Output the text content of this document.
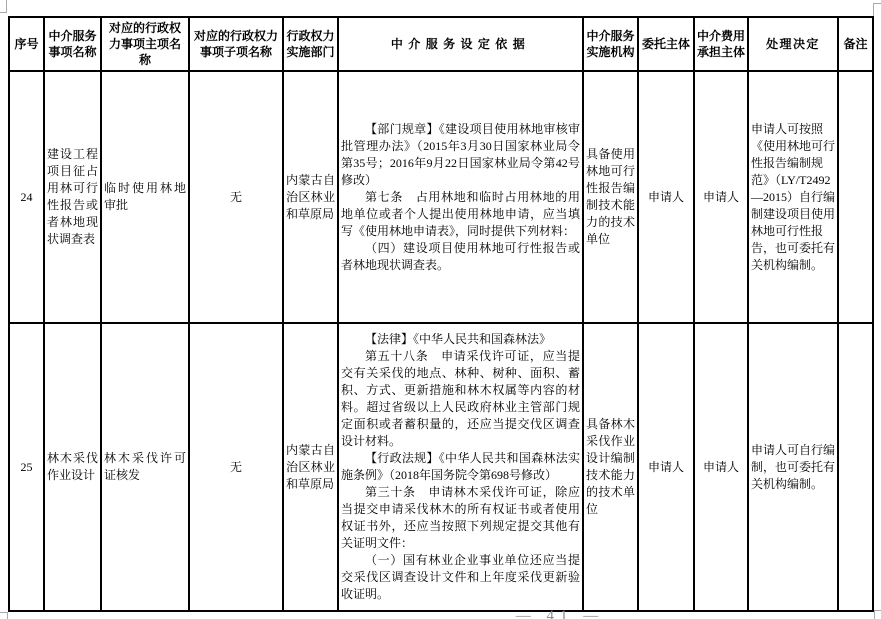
序号	中介服务事项名称	对应的行政权力事项主项名称	对应的行政权力事项子项名称	行政权力实施部门	中介服务设定依据	中介服务实施机构	委托主体	中介费用承担主体	处理决定	备注
24	建设工程项目征占用林可行性报告或者林地现状调查表	临时使用林地审批	无	内蒙古自治区林业和草原局	【部门规章】《建设项目使用林地审核审批管理办法》（2015年3月30日国家林业局令第35号；2016年9月22日国家林业局令第42号修改）

第七条　占用林地和临时占用林地的用地单位或者个人提出使用林地申请，应当填写《使用林地申请表》，同时提供下列材料：

（四）建设项目使用林地可行性报告或者林地现状调查表。	具备使用林地可行性报告编制技术能力的技术单位	申请人	申请人	申请人可按照《使用林地可行性报告编制规范》（LY/T2492—2015）自行编制建设项目使用林地可行性报告，也可委托有关机构编制。	
25	林木采伐作业设计	林木采伐许可证核发	无	内蒙古自治区林业和草原局	【法律】《中华人民共和国森林法》

第五十八条　申请采伐许可证，应当提交有关采伐的地点、林种、树种、面积、蓄积、方式、更新措施和林木权属等内容的材料。超过省级以上人民政府林业主管部门规定面积或者蓄积量的，还应当提交伐区调查设计材料。

【行政法规】《中华人民共和国森林法实施条例》（2018年国务院令第698号修改）

第三十条　申请林木采伐许可证，除应当提交申请采伐林木的所有权证书或者使用权证书外，还应当按照下列规定提交其他有关证明文件：

（一）国有林业企业事业单位还应当提交采伐区调查设计文件和上年度采伐更新验收证明。	具备林木采伐作业设计编制技术能力的技术单位	申请人	申请人	申请人可自行编制，也可委托有关机构编制。	
— 41 —
